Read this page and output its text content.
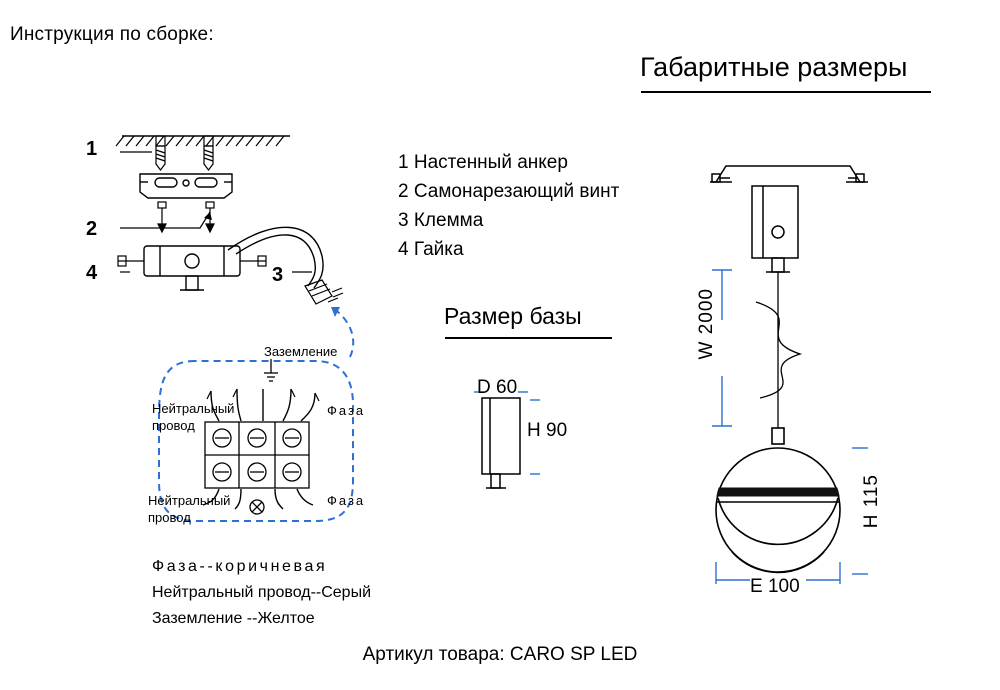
Инструкция по сборке:
Габаритные размеры
Размер базы
1 Настенный анкер
2 Самонарезающий винт
3 Клемма
4 Гайка
1
2
3
4
Заземление
Нейтральный
провод
Нейтральный
провод
Фаза
Фаза
Фаза--коричневая
Нейтральный провод--Серый
Заземление --Желтое
D 60
H 90
W 2000
H 115
E 100
Артикул товара: CARO SP LED
